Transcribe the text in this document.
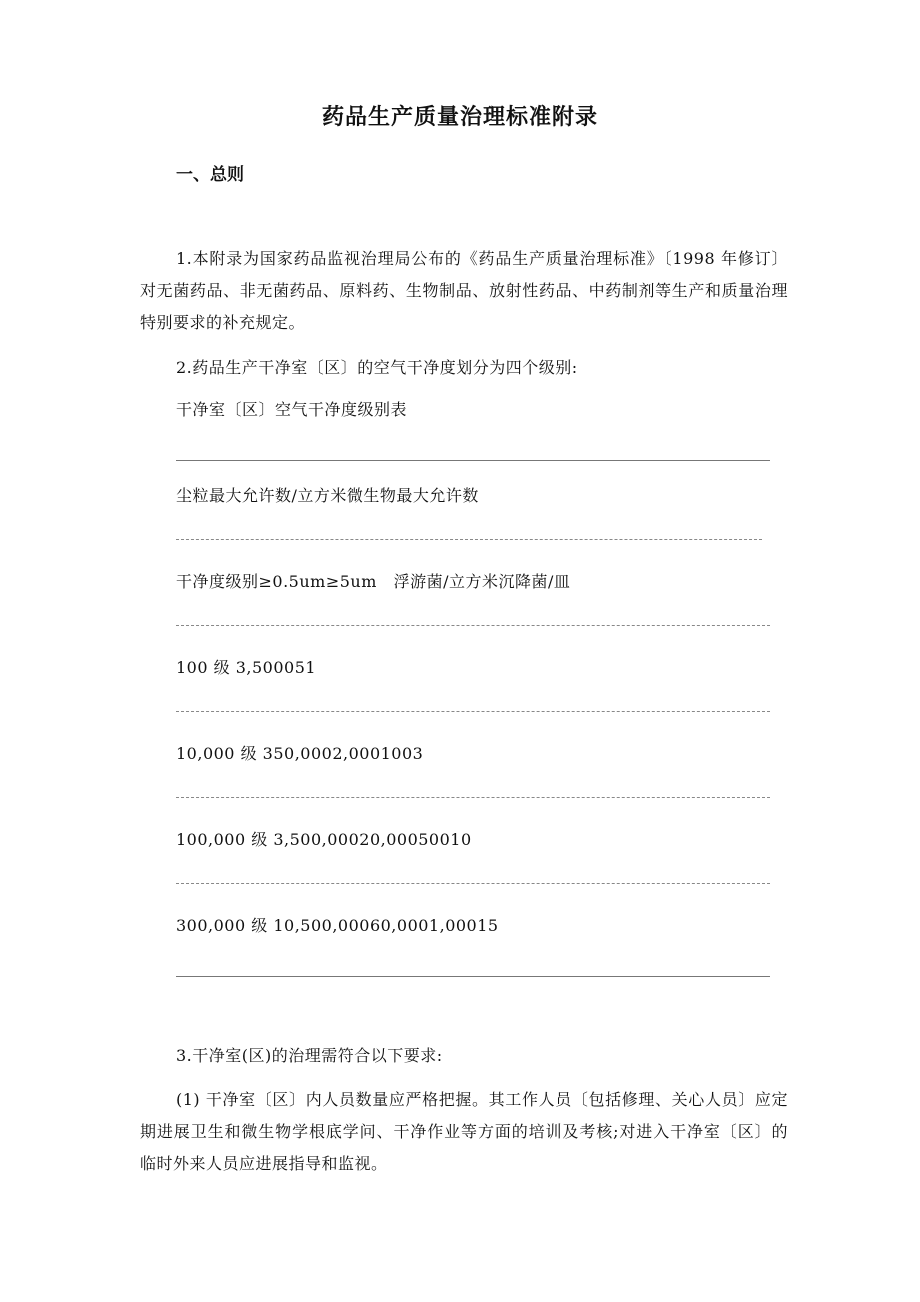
药品生产质量治理标准附录
一、总则
1.本附录为国家药品监视治理局公布的《药品生产质量治理标准》〔1998 年修订〕对无菌药品、非无菌药品、原料药、生物制品、放射性药品、中药制剂等生产和质量治理特别要求的补充规定。
2.药品生产干净室〔区〕的空气干净度划分为四个级别:
干净室〔区〕空气干净度级别表
尘粒最大允许数/立方米微生物最大允许数
干净度级别≥0.5um≥5um   浮游菌/立方米沉降菌/皿
100 级 3,500051
10,000 级 350,0002,0001003
100,000 级 3,500,00020,00050010
300,000 级 10,500,00060,0001,00015
3.干净室(区)的治理需符合以下要求:
(1) 干净室〔区〕内人员数量应严格把握。其工作人员〔包括修理、关心人员〕应定期进展卫生和微生物学根底学问、干净作业等方面的培训及考核;对进入干净室〔区〕的临时外来人员应进展指导和监视。
